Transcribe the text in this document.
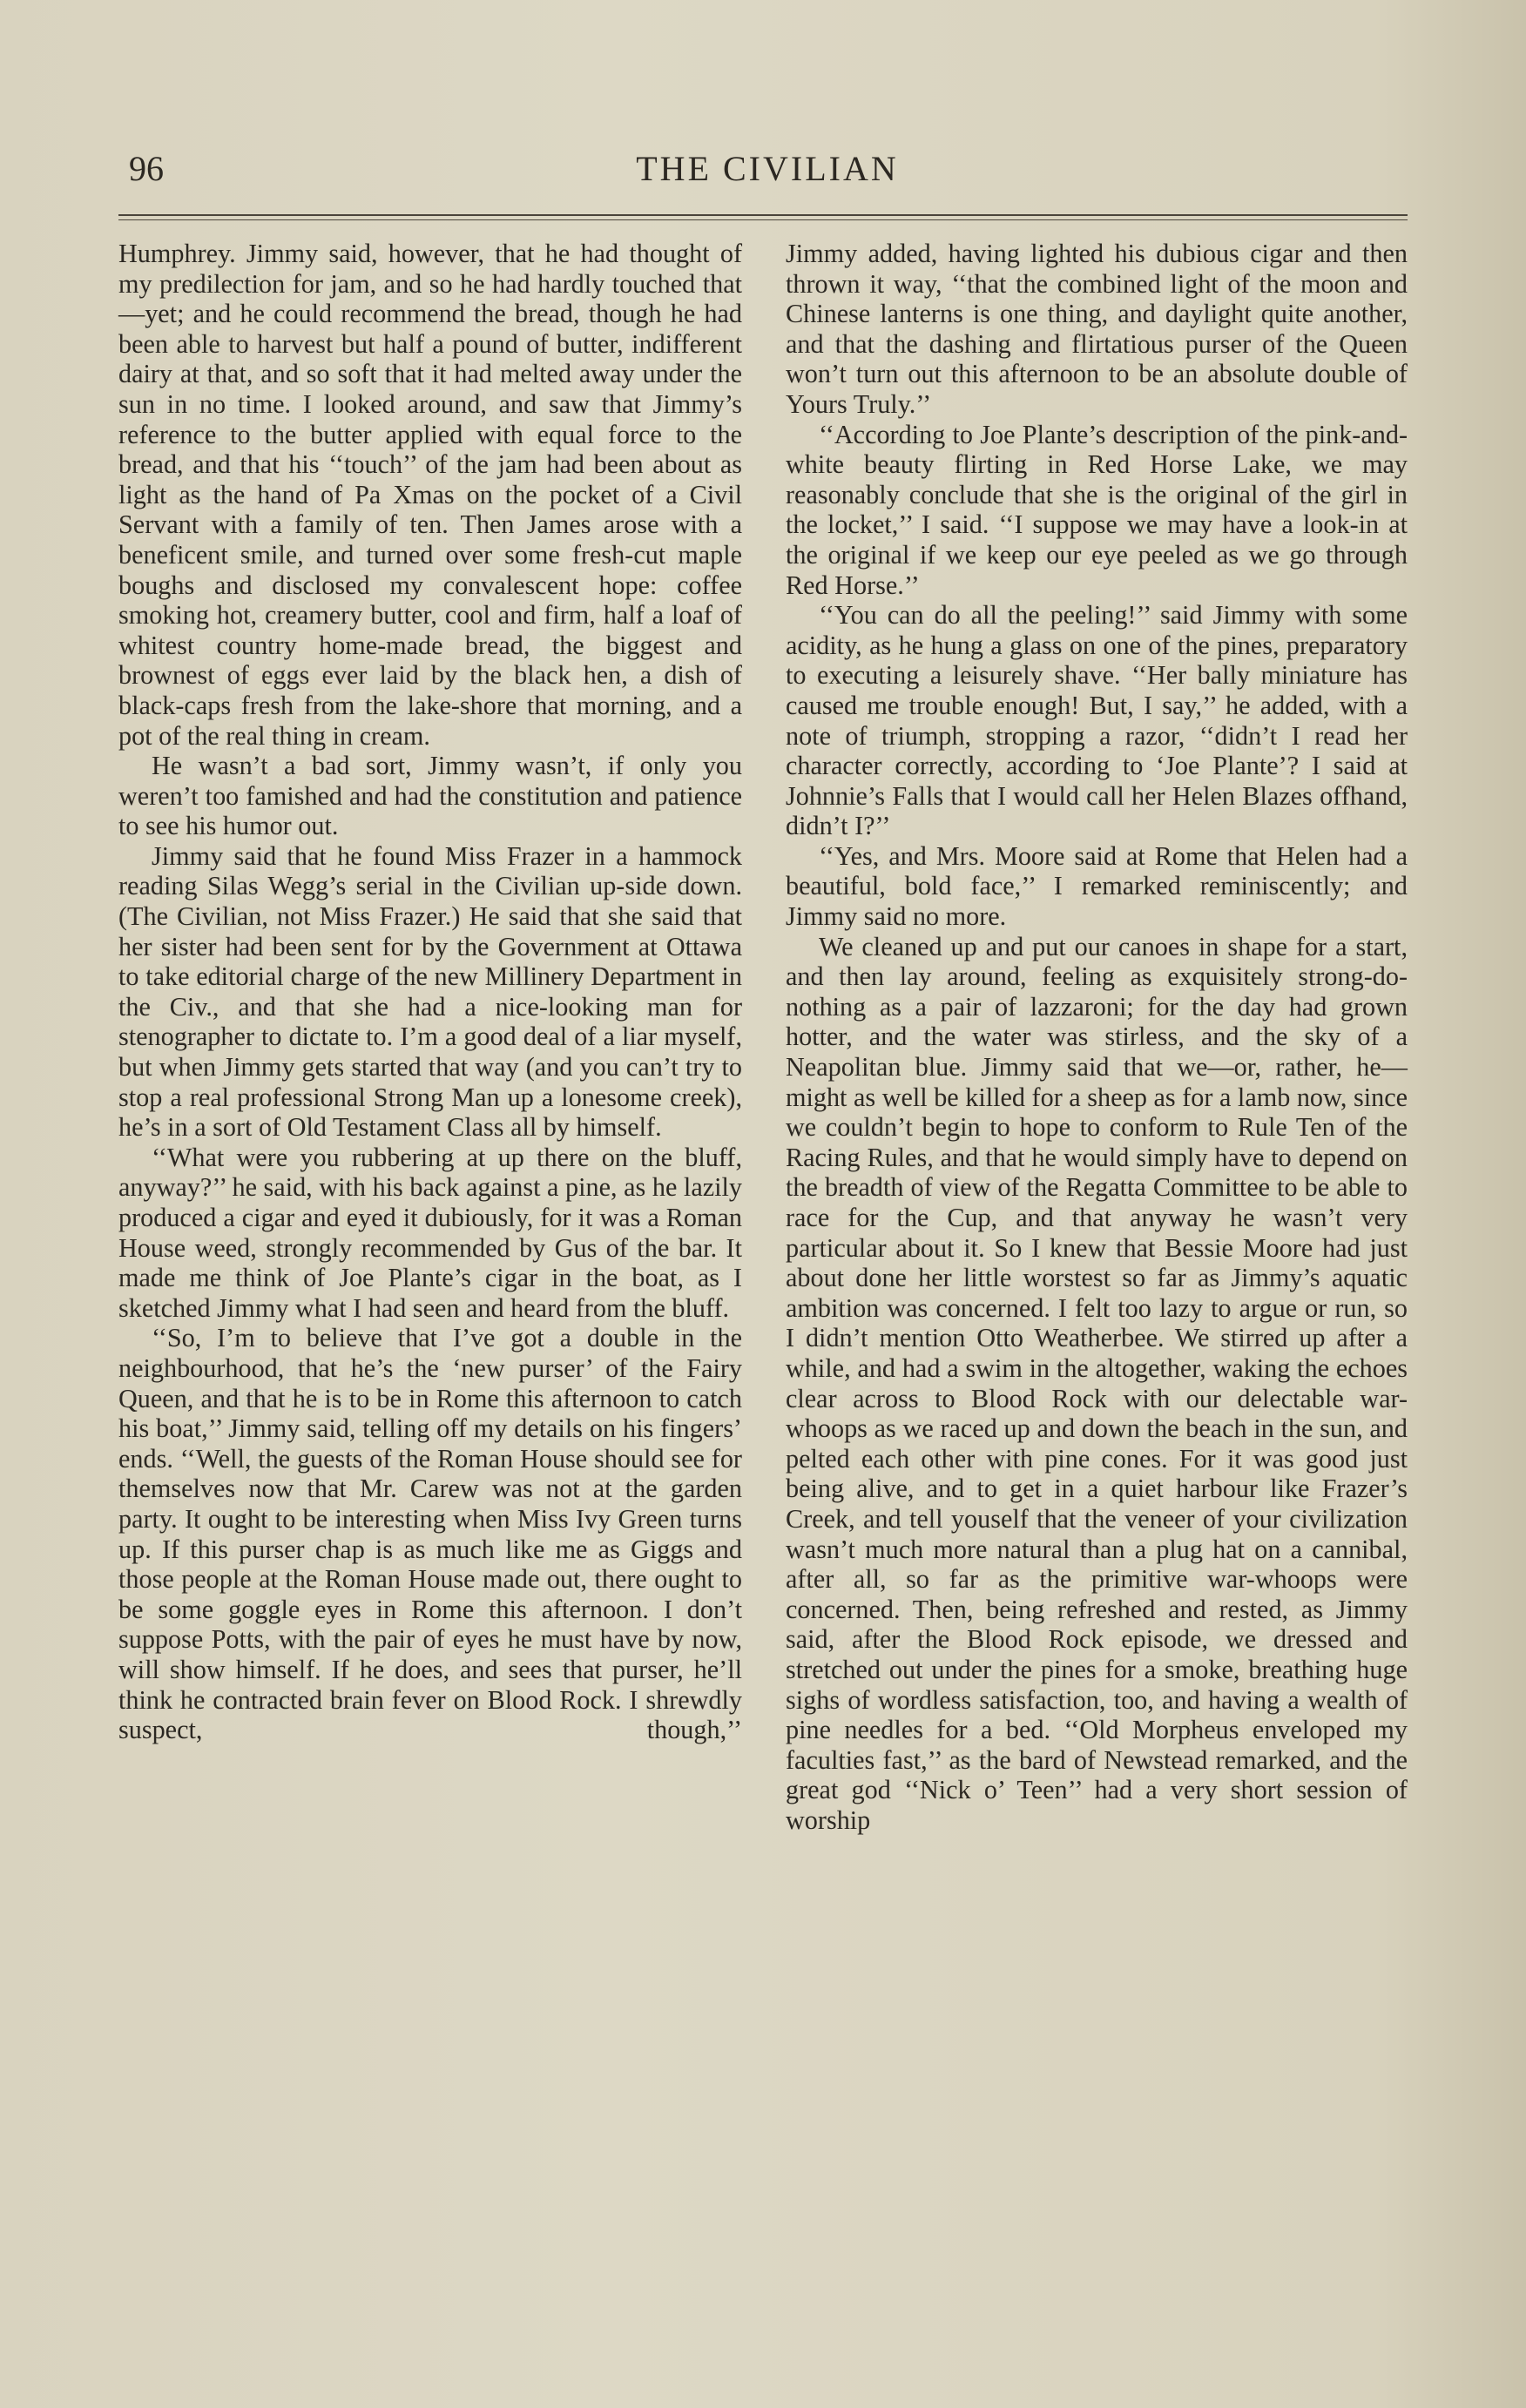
96	THE CIVILIAN

Humphrey. Jimmy said, however, that he had thought of my predilection for jam, and so he had hardly touched that—yet; and he could recommend the bread, though he had been able to harvest but half a pound of butter, indifferent dairy at that, and so soft that it had melted away under the sun in no time. I looked around, and saw that Jimmy’s reference to the butter applied with equal force to the bread, and that his ‘‘touch’’ of the jam had been about as light as the hand of Pa Xmas on the pocket of a Civil Servant with a family of ten. Then James arose with a beneficent smile, and turned over some fresh-cut maple boughs and disclosed my convalescent hope: coffee smoking hot, creamery butter, cool and firm, half a loaf of whitest country home-made bread, the biggest and brownest of eggs ever laid by the black hen, a dish of black-caps fresh from the lake-shore that morning, and a pot of the real thing in cream.

He wasn’t a bad sort, Jimmy wasn’t, if only you weren’t too famished and had the constitution and patience to see his humor out.

Jimmy said that he found Miss Frazer in a hammock reading Silas Wegg’s serial in the Civilian up-side down. (The Civilian, not Miss Frazer.) He said that she said that her sister had been sent for by the Government at Ottawa to take editorial charge of the new Millinery Department in the Civ., and that she had a nice-looking man for stenographer to dictate to. I’m a good deal of a liar myself, but when Jimmy gets started that way (and you can’t try to stop a real professional Strong Man up a lonesome creek), he’s in a sort of Old Testament Class all by himself.

‘‘What were you rubbering at up there on the bluff, anyway?’’ he said, with his back against a pine, as he lazily produced a cigar and eyed it dubiously, for it was a Roman House weed, strongly recommended by Gus of the bar. It made me think of Joe Plante’s cigar in the boat, as I sketched Jimmy what I had seen and heard from the bluff.

‘‘So, I’m to believe that I’ve got a double in the neighbourhood, that he’s the ‘new purser’ of the Fairy Queen, and that he is to be in Rome this afternoon to catch his boat,’’ Jimmy said, telling off my details on his fingers’ ends. ‘‘Well, the guests of the Roman House should see for themselves now that Mr. Carew was not at the garden party. It ought to be interesting when Miss Ivy Green turns up. If this purser chap is as much like me as Giggs and those people at the Roman House made out, there ought to be some goggle eyes in Rome this afternoon. I don’t suppose Potts, with the pair of eyes he must have by now, will show himself. If he does, and sees that purser, he’ll think he contracted brain fever on Blood Rock. I shrewdly suspect, though,’’

Jimmy added, having lighted his dubious cigar and then thrown it way, ‘‘that the combined light of the moon and Chinese lanterns is one thing, and daylight quite another, and that the dashing and flirtatious purser of the Queen won’t turn out this afternoon to be an absolute double of Yours Truly.’’

‘‘According to Joe Plante’s description of the pink-and-white beauty flirting in Red Horse Lake, we may reasonably conclude that she is the original of the girl in the locket,’’ I said. ‘‘I suppose we may have a look-in at the original if we keep our eye peeled as we go through Red Horse.’’

‘‘You can do all the peeling!’’ said Jimmy with some acidity, as he hung a glass on one of the pines, preparatory to executing a leisurely shave. ‘‘Her bally miniature has caused me trouble enough! But, I say,’’ he added, with a note of triumph, stropping a razor, ‘‘didn’t I read her character correctly, according to ‘Joe Plante’? I said at Johnnie’s Falls that I would call her Helen Blazes offhand, didn’t I?’’

‘‘Yes, and Mrs. Moore said at Rome that Helen had a beautiful, bold face,’’ I remarked reminiscently; and Jimmy said no more.

We cleaned up and put our canoes in shape for a start, and then lay around, feeling as exquisitely strong-do-nothing as a pair of lazzaroni; for the day had grown hotter, and the water was stirless, and the sky of a Neapolitan blue. Jimmy said that we—or, rather, he—might as well be killed for a sheep as for a lamb now, since we couldn’t begin to hope to conform to Rule Ten of the Racing Rules, and that he would simply have to depend on the breadth of view of the Regatta Committee to be able to race for the Cup, and that anyway he wasn’t very particular about it. So I knew that Bessie Moore had just about done her little worstest so far as Jimmy’s aquatic ambition was concerned. I felt too lazy to argue or run, so I didn’t mention Otto Weatherbee. We stirred up after a while, and had a swim in the altogether, waking the echoes clear across to Blood Rock with our delectable war-whoops as we raced up and down the beach in the sun, and pelted each other with pine cones. For it was good just being alive, and to get in a quiet harbour like Frazer’s Creek, and tell youself that the veneer of your civilization wasn’t much more natural than a plug hat on a cannibal, after all, so far as the primitive war-whoops were concerned. Then, being refreshed and rested, as Jimmy said, after the Blood Rock episode, we dressed and stretched out under the pines for a smoke, breathing huge sighs of wordless satisfaction, too, and having a wealth of pine needles for a bed. ‘‘Old Morpheus enveloped my faculties fast,’’ as the bard of Newstead remarked, and the great god ‘‘Nick o’ Teen’’ had a very short session of worship
